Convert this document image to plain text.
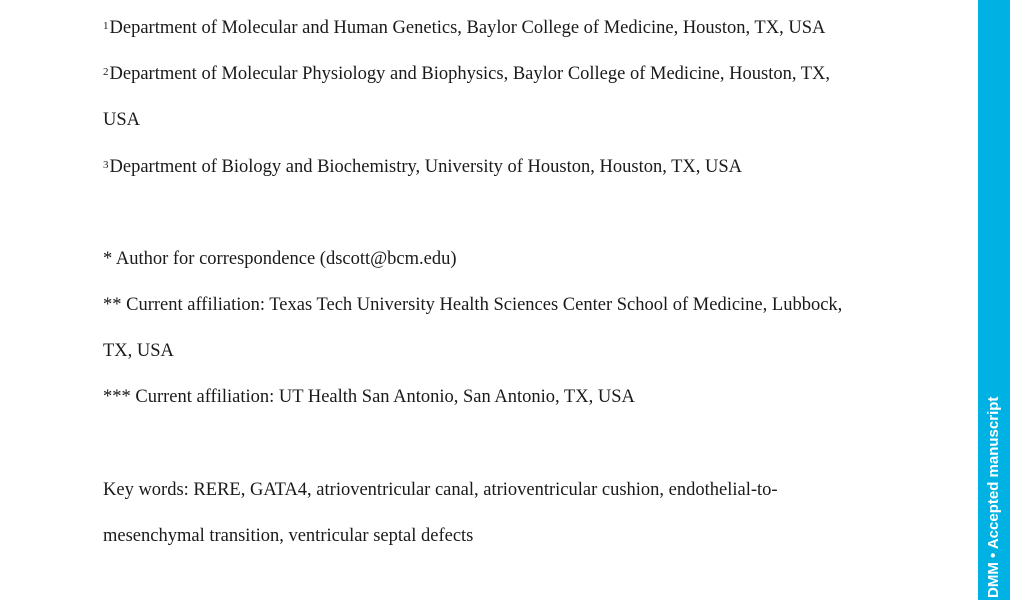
$^1$Department of Molecular and Human Genetics, Baylor College of Medicine, Houston, TX, USA
$^2$Department of Molecular Physiology and Biophysics, Baylor College of Medicine, Houston, TX,
USA
$^3$Department of Biology and Biochemistry, University of Houston, Houston, TX, USA
* Author for correspondence (dscott@bcm.edu)
** Current affiliation: Texas Tech University Health Sciences Center School of Medicine, Lubbock,
TX, USA
*** Current affiliation: UT Health San Antonio, San Antonio, TX, USA
Key words: RERE, GATA4, atrioventricular canal, atrioventricular cushion, endothelial-to-
mesenchymal transition, ventricular septal defects	DMM • Accepted manuscript
